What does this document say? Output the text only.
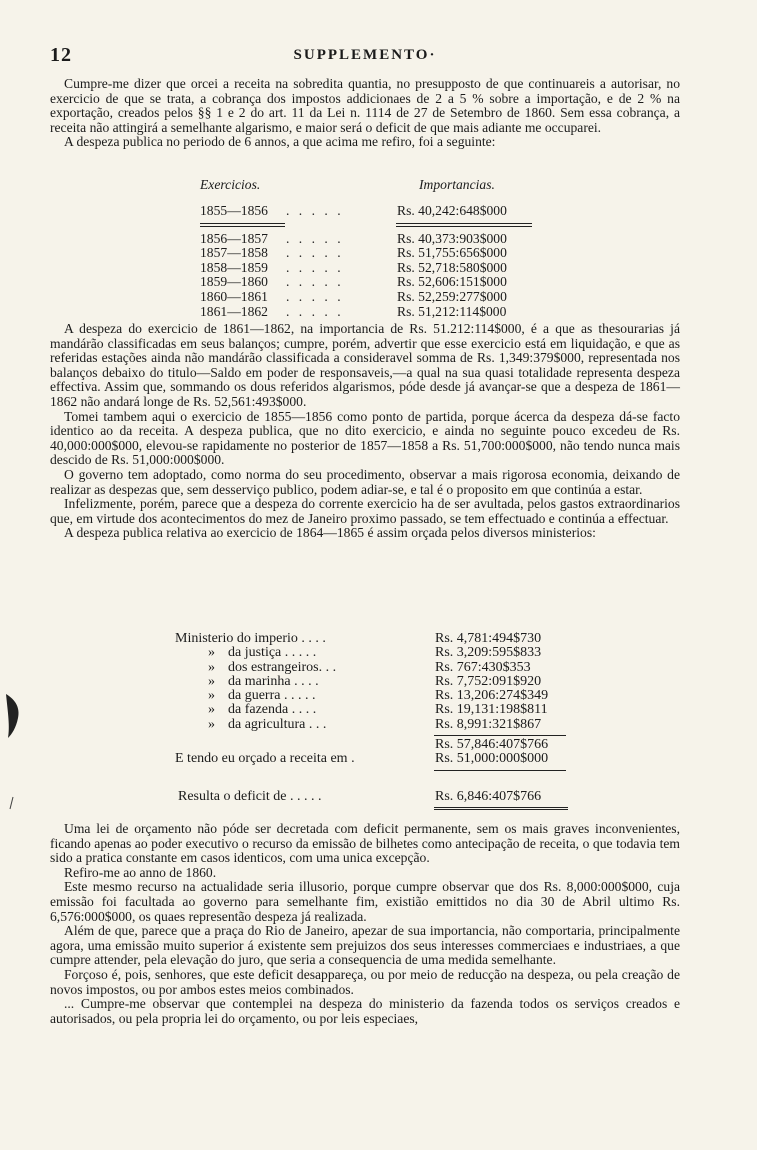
12	SUPPLEMENTO·

Cumpre-me dizer que orcei a receita na sobredita quantia, no presupposto de que continuareis a autorisar, no exercicio de que se trata, a cobrança dos impostos addicionaes de 2 a 5 % sobre a importação, e de 2 % na exportação, creados pelos §§ 1 e 2 do art. 11 da Lei n. 1114 de 27 de Setembro de 1860. Sem essa cobrança, a receita não attingirá a semelhante algarismo, e maior será o deficit de que mais adiante me occuparei.

A despeza publica no periodo de 6 annos, a que acima me refiro, foi a seguinte:

Exercicios.	Importancias.
1855—1856 . . . . .	Rs. 40,242:648$000
1856—1857 . . . . .	Rs. 40,373:903$000
1857—1858 . . . . .	Rs. 51,755:656$000
1858—1859 . . . . .	Rs. 52,718:580$000
1859—1860 . . . . .	Rs. 52,606:151$000
1860—1861 . . . . .	Rs. 52,259:277$000
1861—1862 . . . . .	Rs. 51,212:114$000

A despeza do exercicio de 1861—1862, na importancia de Rs. 51.212:114$000, é a que as thesourarias já mandárão classificadas em seus balanços; cumpre, porém, advertir que esse exercicio está em liquidação, e que as referidas estações ainda não mandárão classificada a consideravel somma de Rs. 1,349:379$000, representada nos balanços debaixo do titulo—Saldo em poder de responsaveis,—a qual na sua quasi totalidade representa despeza effectiva. Assim que, sommando os dous referidos algarismos, póde desde já avançar-se que a despeza de 1861—1862 não andará longe de Rs. 52,561:493$000.

Tomei tambem aqui o exercicio de 1855—1856 como ponto de partida, porque ácerca da despeza dá-se facto identico ao da receita. A despeza publica, que no dito exercicio, e ainda no seguinte pouco excedeu de Rs. 40,000:000$000, elevou-se rapidamente no posterior de 1857—1858 a Rs. 51,700:000$000, não tendo nunca mais descido de Rs. 51,000:000$000.

O governo tem adoptado, como norma do seu procedimento, observar a mais rigorosa economia, deixando de realizar as despezas que, sem desserviço publico, podem adiar-se, e tal é o proposito em que continúa a estar.

Infelizmente, porém, parece que a despeza do corrente exercicio ha de ser avultada, pelos gastos extraordinarios que, em virtude dos acontecimentos do mez de Janeiro proximo passado, se tem effectuado e continúa a effectuar.

A despeza publica relativa ao exercicio de 1864—1865 é assim orçada pelos diversos ministerios:

Ministerio do imperio . . . .	Rs. 4,781:494$730
» da justiça . . . . .	Rs. 3,209:595$833
» dos estrangeiros. . .	Rs. 767:430$353
» da marinha . . . .	Rs. 7,752:091$920
» da guerra . . . . .	Rs. 13,206:274$349
» da fazenda . . . .	Rs. 19,131:198$811
» da agricultura . . .	Rs. 8,991:321$867
Rs. 57,846:407$766
E tendo eu orçado a receita em .	Rs. 51,000:000$000
Resulta o deficit de . . . . .	Rs. 6,846:407$766

Uma lei de orçamento não póde ser decretada com deficit permanente, sem os mais graves inconvenientes, ficando apenas ao poder executivo o recurso da emissão de bilhetes como antecipação de receita, o que todavia tem sido a pratica constante em casos identicos, com uma unica excepção.

Refiro-me ao anno de 1860.

Este mesmo recurso na actualidade seria illusorio, porque cumpre observar que dos Rs. 8,000:000$000, cuja emissão foi facultada ao governo para semelhante fim, existião emittidos no dia 30 de Abril ultimo Rs. 6,576:000$000, os quaes representão despeza já realizada.

Além de que, parece que a praça do Rio de Janeiro, apezar de sua importancia, não comportaria, principalmente agora, uma emissão muito superior á existente sem prejuizos dos seus interesses commerciaes e industriaes, a que cumpre attender, pela elevação do juro, que seria a consequencia de uma medida semelhante.

Forçoso é, pois, senhores, que este deficit desappareça, ou por meio de reducção na despeza, ou pela creação de novos impostos, ou por ambos estes meios combinados.

... Cumpre-me observar que contemplei na despeza do ministerio da fazenda todos os serviços creados e autorisados, ou pela propria lei do orçamento, ou por leis especiaes,
